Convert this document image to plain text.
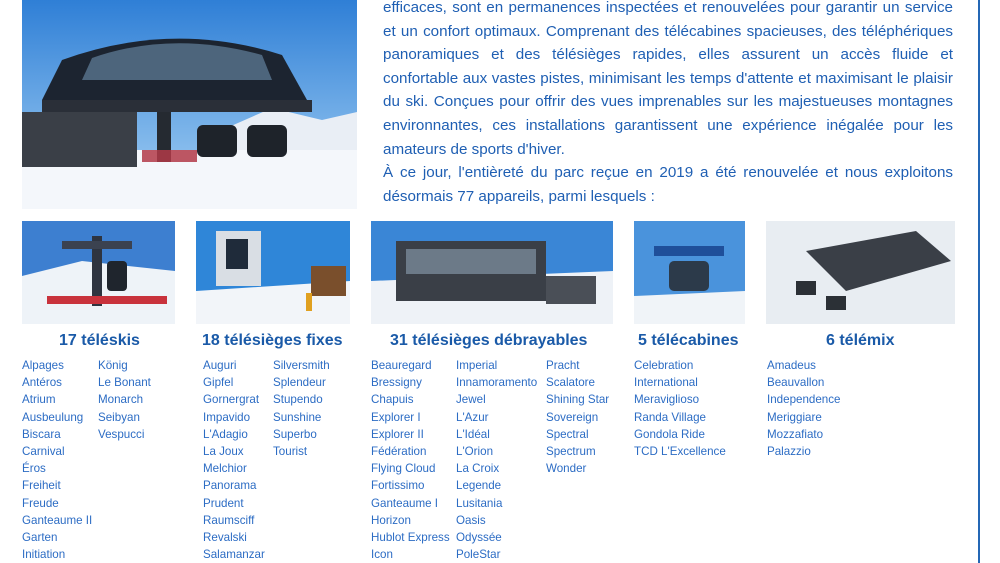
efficaces, sont en permanences inspectées et renouvelées pour garantir un service et un confort optimaux. Comprenant des télécabines spacieuses, des téléphériques panoramiques et des télésièges rapides, elles assurent un accès fluide et confortable aux vastes pistes, minimisant les temps d'attente et maximisant le plaisir du ski. Conçues pour offrir des vues imprenables sur les majestueuses montagnes environnantes, ces installations garantissent une expérience inégalée pour les amateurs de sports d'hiver.

À ce jour, l'entièreté du parc reçue en 2019 a été renouvelée et nous exploitons désormais 77 appareils, parmi lesquels :

17 téléskis	18 télésièges fixes	31 télésièges débrayables	5 télécabines	6 télémix
Alpages
Antéros
Atrium
Ausbeulung
Biscara
Carnival
Éros
Freiheit
Freude
Ganteaume II
Garten
Initiation
König
Le Bonant
Monarch
Seibyan
Vespucci
Auguri
Gipfel
Gornergrat
Impavido
L'Adagio
La Joux
Melchior
Panorama
Prudent
Raumsciff
Revalski
Salamanzar
Silversmith
Splendeur
Stupendo
Sunshine
Superbo
Tourist
Beauregard
Bressigny
Chapuis
Explorer I
Explorer II
Fédération
Flying Cloud
Fortissimo
Ganteaume I
Horizon
Hublot Express
Icon
Imperial
Innamoramento
Jewel
L'Azur
L'Idéal
L'Orion
La Croix
Legende
Lusitania
Oasis
Odyssée
PoleStar
Pracht
Scalatore
Shining Star
Sovereign
Spectral
Spectrum
Wonder
Celebration
International
Meraviglioso
Randa Village
Gondola Ride
TCD L'Excellence
Amadeus
Beauvallon
Independence
Meriggiare
Mozzafiato
Palazzio
